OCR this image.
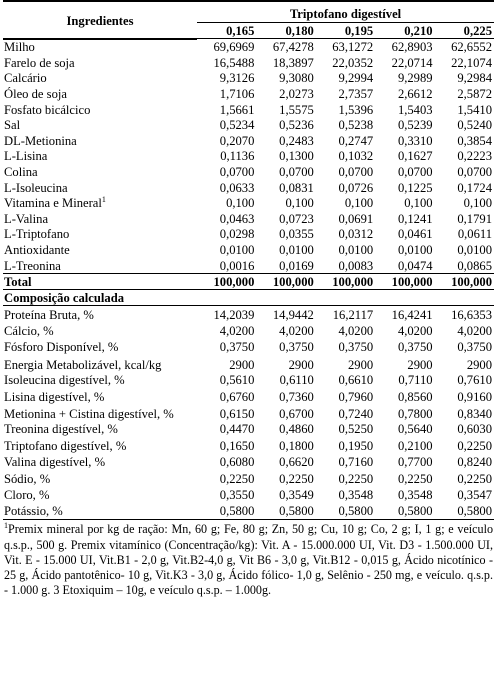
Ingredientes	Triptofano digestível				
	0,165	0,180	0,195	0,210	0,225
Milho	69,6969	67,4278	63,1272	62,8903	62,6552
Farelo de soja	16,5488	18,3897	22,0352	22,0714	22,1074
Calcário	9,3126	9,3080	9,2994	9,2989	9,2984
Óleo de soja	1,7106	2,0273	2,7357	2,6612	2,5872
Fosfato bicálcico	1,5661	1,5575	1,5396	1,5403	1,5410
Sal	0,5234	0,5236	0,5238	0,5239	0,5240
DL-Metionina	0,2070	0,2483	0,2747	0,3310	0,3854
L-Lisina	0,1136	0,1300	0,1032	0,1627	0,2223
Colina	0,0700	0,0700	0,0700	0,0700	0,0700
L-Isoleucina	0,0633	0,0831	0,0726	0,1225	0,1724
Vitamina e Mineral$^1$	0,100	0,100	0,100	0,100	0,100
L-Valina	0,0463	0,0723	0,0691	0,1241	0,1791
L-Triptofano	0,0298	0,0355	0,0312	0,0461	0,0611
Antioxidante	0,0100	0,0100	0,0100	0,0100	0,0100
L-Treonina	0,0016	0,0169	0,0083	0,0474	0,0865
Total	100,000	100,000	100,000	100,000	100,000
Composição calculada					
Proteína Bruta, %	14,2039	14,9442	16,2117	16,4241	16,6353
Cálcio, %	4,0200	4,0200	4,0200	4,0200	4,0200
Fósforo Disponível, %	0,3750	0,3750	0,3750	0,3750	0,3750
Energia Metabolizável, kcal/kg	2900	2900	2900	2900	2900
Isoleucina digestível, %	0,5610	0,6110	0,6610	0,7110	0,7610
Lisina digestível, %	0,6760	0,7360	0,7960	0,8560	0,9160
Metionina + Cistina digestível, %	0,6150	0,6700	0,7240	0,7800	0,8340
Treonina digestível, %	0,4470	0,4860	0,5250	0,5640	0,6030
Triptofano digestível, %	0,1650	0,1800	0,1950	0,2100	0,2250
Valina digestível, %	0,6080	0,6620	0,7160	0,7700	0,8240
Sódio, %	0,2250	0,2250	0,2250	0,2250	0,2250
Cloro, %	0,3550	0,3549	0,3548	0,3548	0,3547
Potássio, %	0,5800	0,5800	0,5800	0,5800	0,5800
$^1$Premix mineral por kg de ração: Mn, 60 g; Fe, 80 g; Zn, 50 g; Cu, 10 g; Co, 2 g; I, 1 g; e veículo q.s.p., 500 g. Premix vitamínico (Concentração/kg): Vit. A - 15.000.000 UI, Vit. D3 - 1.500.000 UI, Vit. E - 15.000 UI, Vit.B1 - 2,0 g, Vit.B2-4,0 g, Vit B6 - 3,0 g, Vit.B12 - 0,015 g, Ácido nicotínico - 25 g, Ácido pantotênico- 10 g, Vit.K3 - 3,0 g, Ácido fólico- 1,0 g, Selênio - 250 mg, e veículo. q.s.p. - 1.000 g. 3 Etoxiquim – 10g, e veículo q.s.p. – 1.000g.
